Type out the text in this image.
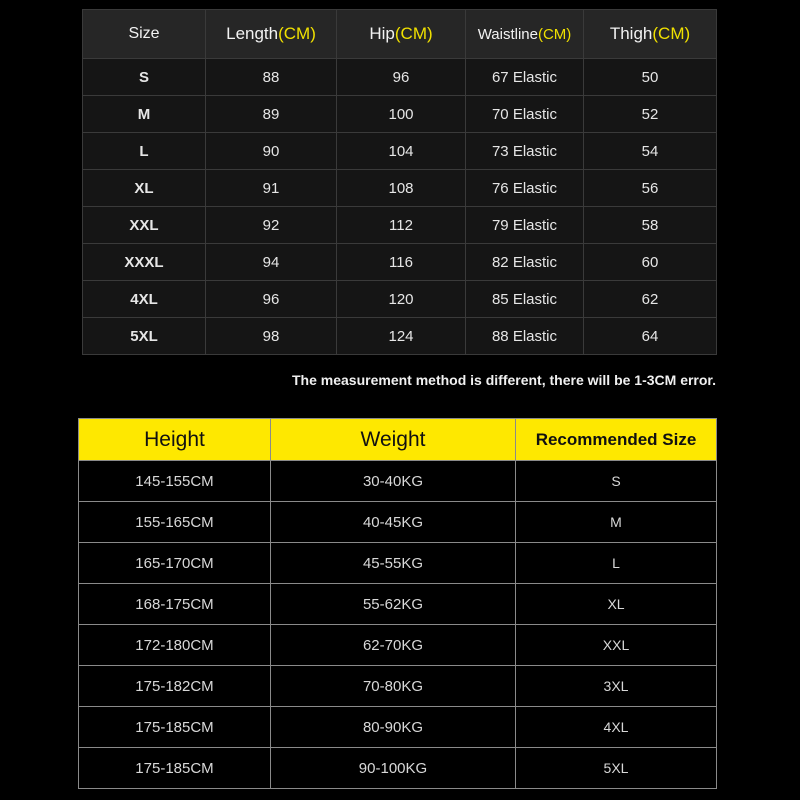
Size	Length(CM)	Hip(CM)	Waistline(CM)	Thigh(CM)
S	88	96	67 Elastic	50
M	89	100	70 Elastic	52
L	90	104	73 Elastic	54
XL	91	108	76 Elastic	56
XXL	92	112	79 Elastic	58
XXXL	94	116	82 Elastic	60
4XL	96	120	85 Elastic	62
5XL	98	124	88 Elastic	64
The measurement method is different, there will be 1-3CM error.
Height	Weight	Recommended Size
145-155CM	30-40KG	S
155-165CM	40-45KG	M
165-170CM	45-55KG	L
168-175CM	55-62KG	XL
172-180CM	62-70KG	XXL
175-182CM	70-80KG	3XL
175-185CM	80-90KG	4XL
175-185CM	90-100KG	5XL
